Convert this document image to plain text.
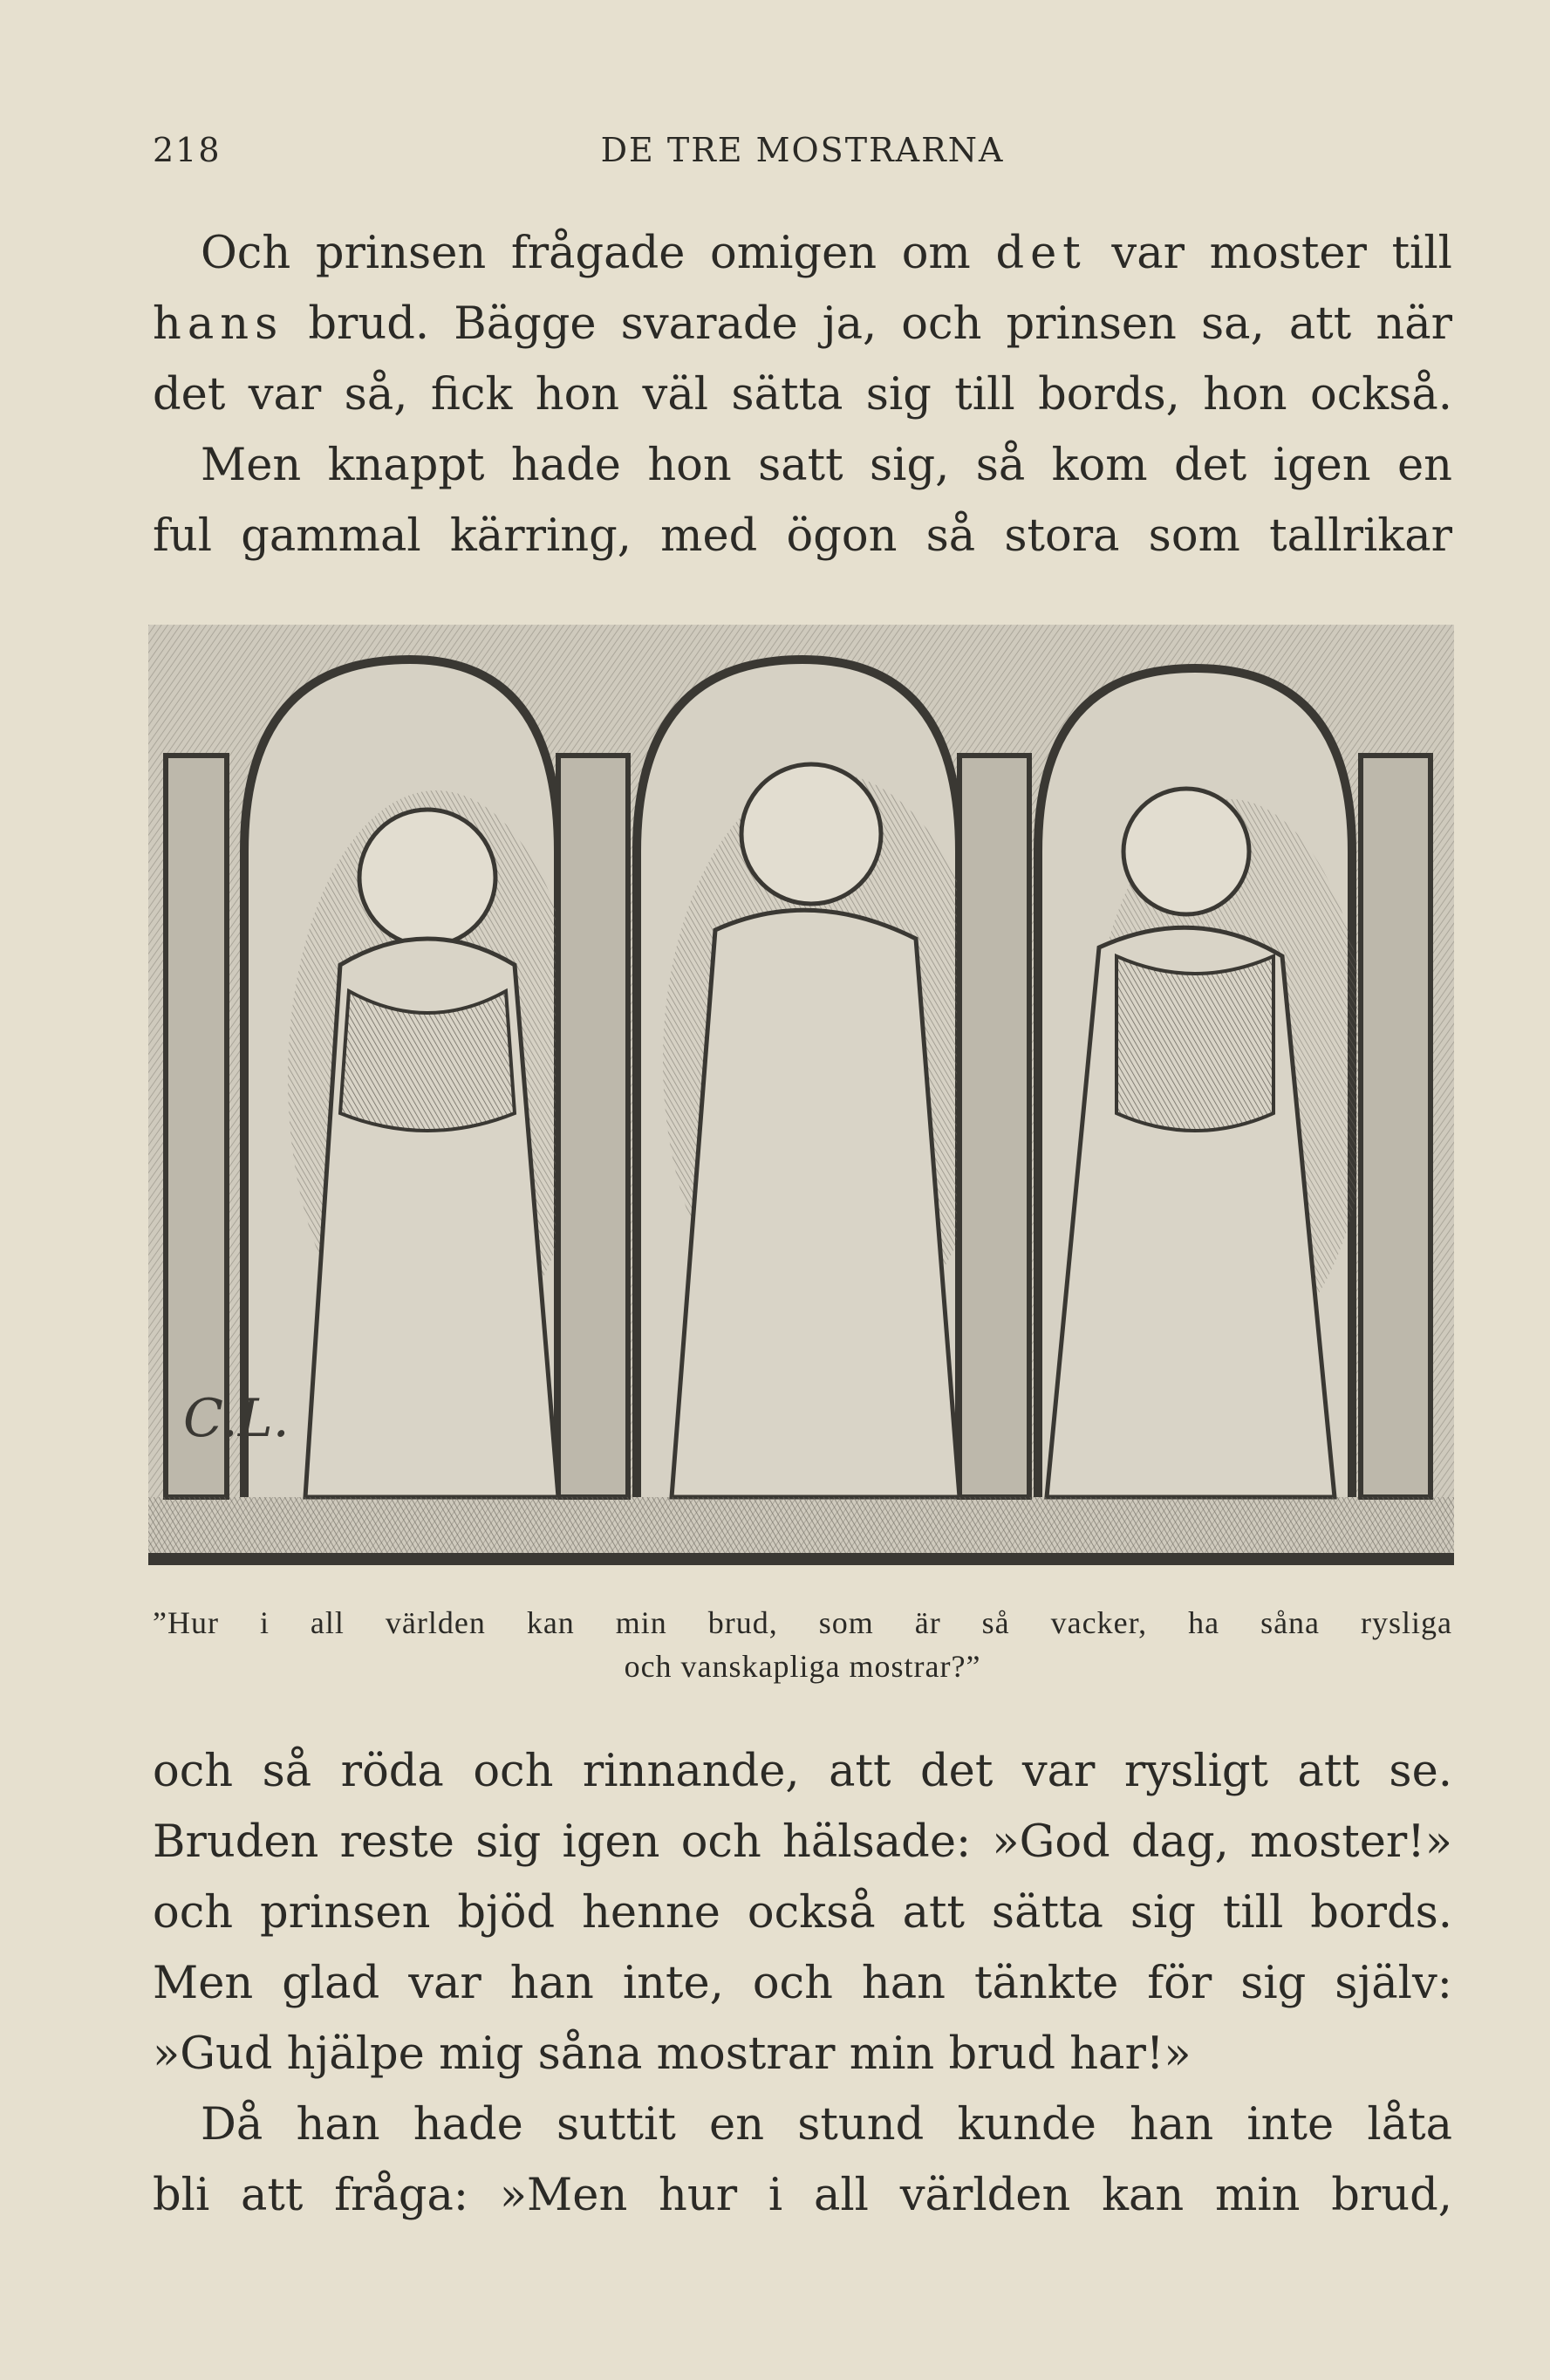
218	DE TRE MOSTRARNA
Och prinsen frågade omigen om det var moster till
hans brud. Bägge svarade ja, och prinsen sa, att när
det var så, fick hon väl sätta sig till bords, hon också.
Men knappt hade hon satt sig, så kom det igen en
ful gammal kärring, med ögon så stora som tallrikar
C.L.
”Hur i all världen kan min brud, som är så vacker, ha såna rysliga
och vanskapliga mostrar?”
och så röda och rinnande, att det var rysligt att se.
Bruden reste sig igen och hälsade: »God dag, moster!»
och prinsen bjöd henne också att sätta sig till bords.
Men glad var han inte, och han tänkte för sig själv:
»Gud hjälpe mig såna mostrar min brud har!»
Då han hade suttit en stund kunde han inte låta
bli att fråga: »Men hur i all världen kan min brud,
